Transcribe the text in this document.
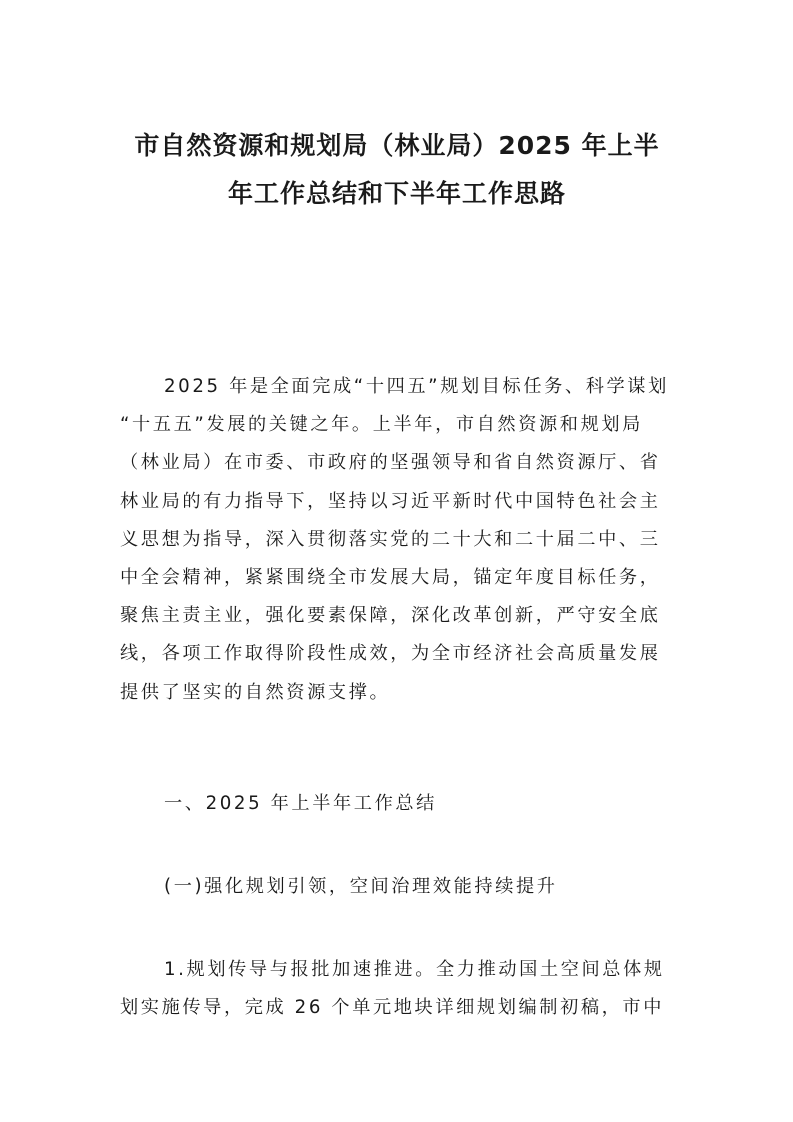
市自然资源和规划局（林业局）2025 年上半
年工作总结和下半年工作思路
2025 年是全面完成“十四五”规划目标任务、科学谋划
“十五五”发展的关键之年。上半年，市自然资源和规划局
（林业局）在市委、市政府的坚强领导和省自然资源厅、省
林业局的有力指导下，坚持以习近平新时代中国特色社会主
义思想为指导，深入贯彻落实党的二十大和二十届二中、三
中全会精神，紧紧围绕全市发展大局，锚定年度目标任务，
聚焦主责主业，强化要素保障，深化改革创新，严守安全底
线，各项工作取得阶段性成效，为全市经济社会高质量发展
提供了坚实的自然资源支撑。
一、2025 年上半年工作总结
(一)强化规划引领，空间治理效能持续提升
1.规划传导与报批加速推进。全力推动国土空间总体规
划实施传导，完成 26 个单元地块详细规划编制初稿，市中
